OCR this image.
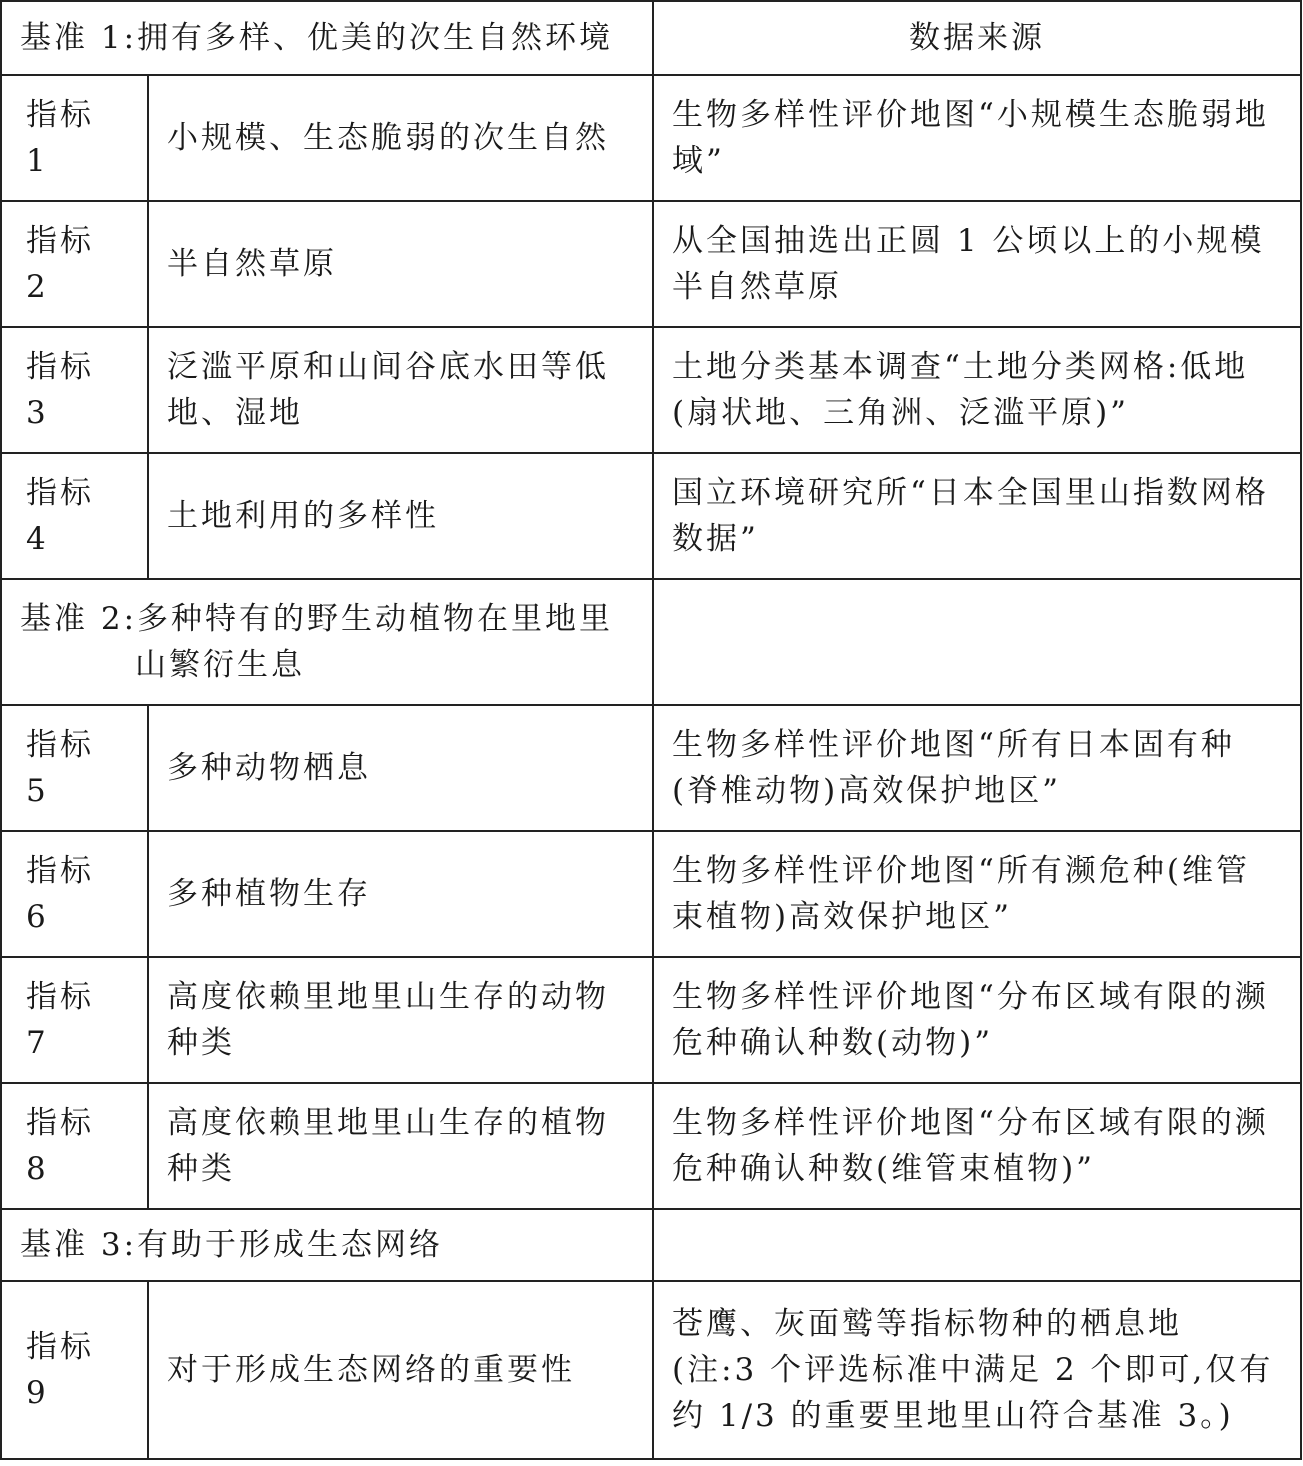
基准 1:拥有多样、优美的次生自然环境		数据来源
指标 1	小规模、生态脆弱的次生自然	生物多样性评价地图“小规模生态脆弱地域”
指标 2	半自然草原	从全国抽选出正圆 1 公顷以上的小规模半自然草原
指标 3	泛滥平原和山间谷底水田等低地、湿地	土地分类基本调查“土地分类网格:低地(扇状地、三角洲、泛滥平原)”
指标 4	土地利用的多样性	国立环境研究所“日本全国里山指数网格数据”

基准 2:多种特有的野生动植物在里地里山繁衍生息		

指标 5	多种动物栖息	生物多样性评价地图“所有日本固有种(脊椎动物)高效保护地区”
指标 6	多种植物生存	生物多样性评价地图“所有濒危种(维管束植物)高效保护地区”
指标 7	高度依赖里地里山生存的动物种类	生物多样性评价地图“分布区域有限的濒危种确认种数(动物)”
指标 8	高度依赖里地里山生存的植物种类	生物多样性评价地图“分布区域有限的濒危种确认种数(维管束植物)”
基准 3:有助于形成生态网络		
指标 9	对于形成生态网络的重要性	苍鹰、灰面鹫等指标物种的栖息地
(注:3 个评选标准中满足 2 个即可,仅有约 1/3 的重要里地里山符合基准 3。)
